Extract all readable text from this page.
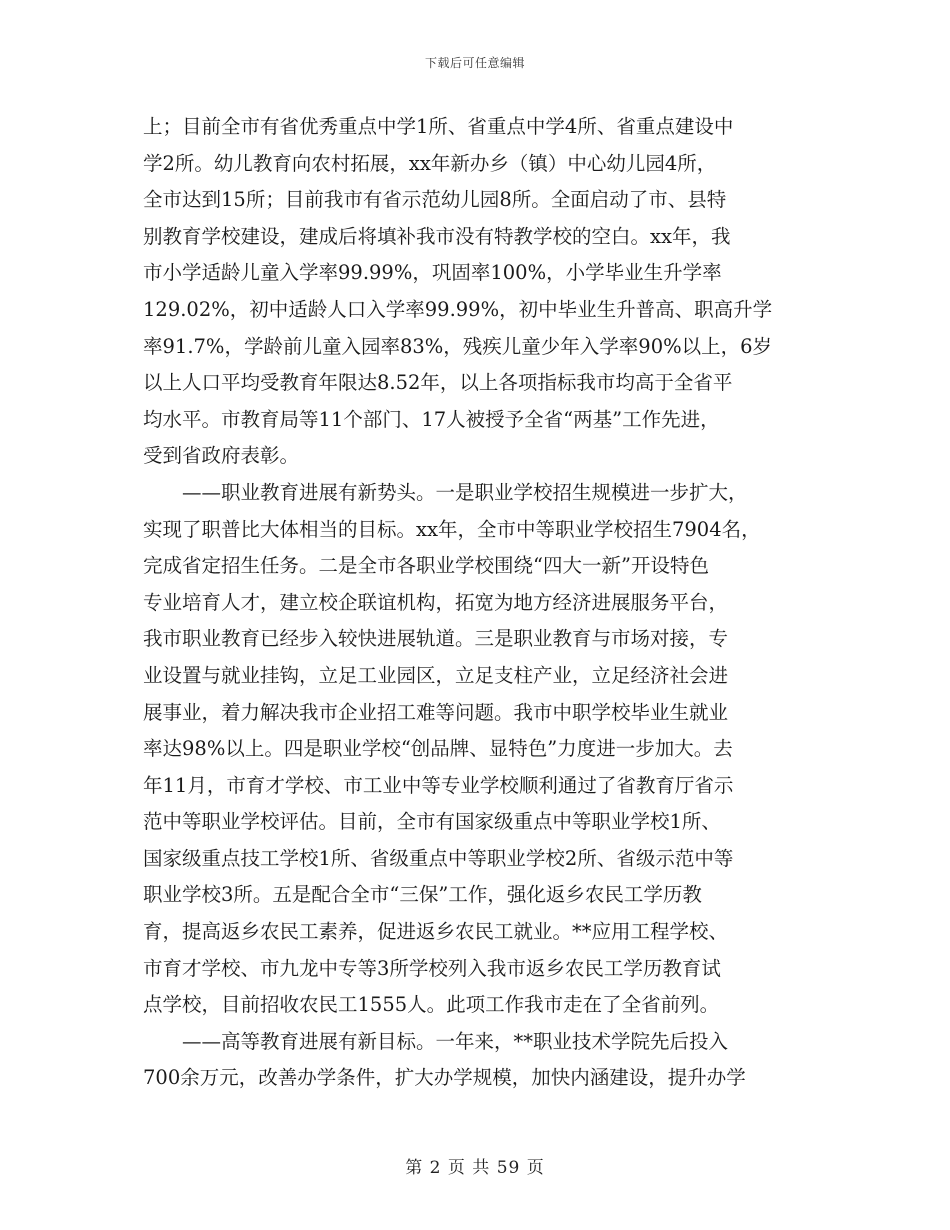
下载后可任意编辑
上；目前全市有省优秀重点中学1所、省重点中学4所、省重点建设中
学2所。幼儿教育向农村拓展，xx年新办乡（镇）中心幼儿园4所，
全市达到15所；目前我市有省示范幼儿园8所。全面启动了市、县特
别教育学校建设，建成后将填补我市没有特教学校的空白。xx年，我
市小学适龄儿童入学率99.99%，巩固率100%，小学毕业生升学率
129.02%，初中适龄人口入学率99.99%，初中毕业生升普高、职高升学
率91.7%，学龄前儿童入园率83%，残疾儿童少年入学率90%以上，6岁
以上人口平均受教育年限达8.52年，以上各项指标我市均高于全省平
均水平。市教育局等11个部门、17人被授予全省“两基”工作先进，
受到省政府表彰。
——职业教育进展有新势头。一是职业学校招生规模进一步扩大，
实现了职普比大体相当的目标。xx年，全市中等职业学校招生7904名，
完成省定招生任务。二是全市各职业学校围绕“四大一新”开设特色
专业培育人才，建立校企联谊机构，拓宽为地方经济进展服务平台，
我市职业教育已经步入较快进展轨道。三是职业教育与市场对接，专
业设置与就业挂钩，立足工业园区，立足支柱产业，立足经济社会进
展事业，着力解决我市企业招工难等问题。我市中职学校毕业生就业
率达98%以上。四是职业学校“创品牌、显特色”力度进一步加大。去
年11月，市育才学校、市工业中等专业学校顺利通过了省教育厅省示
范中等职业学校评估。目前，全市有国家级重点中等职业学校1所、
国家级重点技工学校1所、省级重点中等职业学校2所、省级示范中等
职业学校3所。五是配合全市“三保”工作，强化返乡农民工学历教
育，提高返乡农民工素养，促进返乡农民工就业。**应用工程学校、
市育才学校、市九龙中专等3所学校列入我市返乡农民工学历教育试
点学校，目前招收农民工1555人。此项工作我市走在了全省前列。
——高等教育进展有新目标。一年来，**职业技术学院先后投入
700余万元，改善办学条件，扩大办学规模，加快内涵建设，提升办学
第 2 页 共 59 页
